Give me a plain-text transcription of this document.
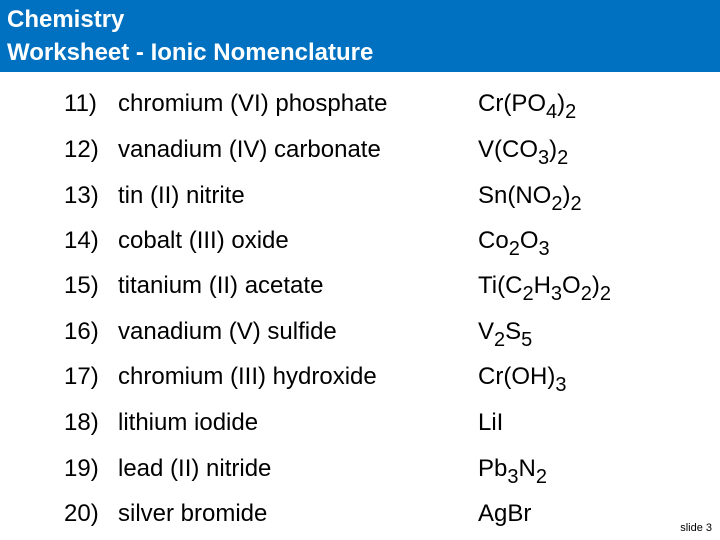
Chemistry
Worksheet - Ionic Nomenclature
11) chromium (VI) phosphate	$Cr(PO_4)_2$
12) vanadium (IV) carbonate	$V(CO_3)_2$
13) tin (II) nitrite	$Sn(NO_2)_2$
14) cobalt (III) oxide	$Co_2O_3$
15) titanium (II) acetate	$Ti(C_2H_3O_2)_2$
16) vanadium (V) sulfide	$V_2S_5$
17) chromium (III) hydroxide	$Cr(OH)_3$
18) lithium iodide	LiI
19) lead (II) nitride	$Pb_3N_2$
20) silver bromide	AgBr
slide 3
